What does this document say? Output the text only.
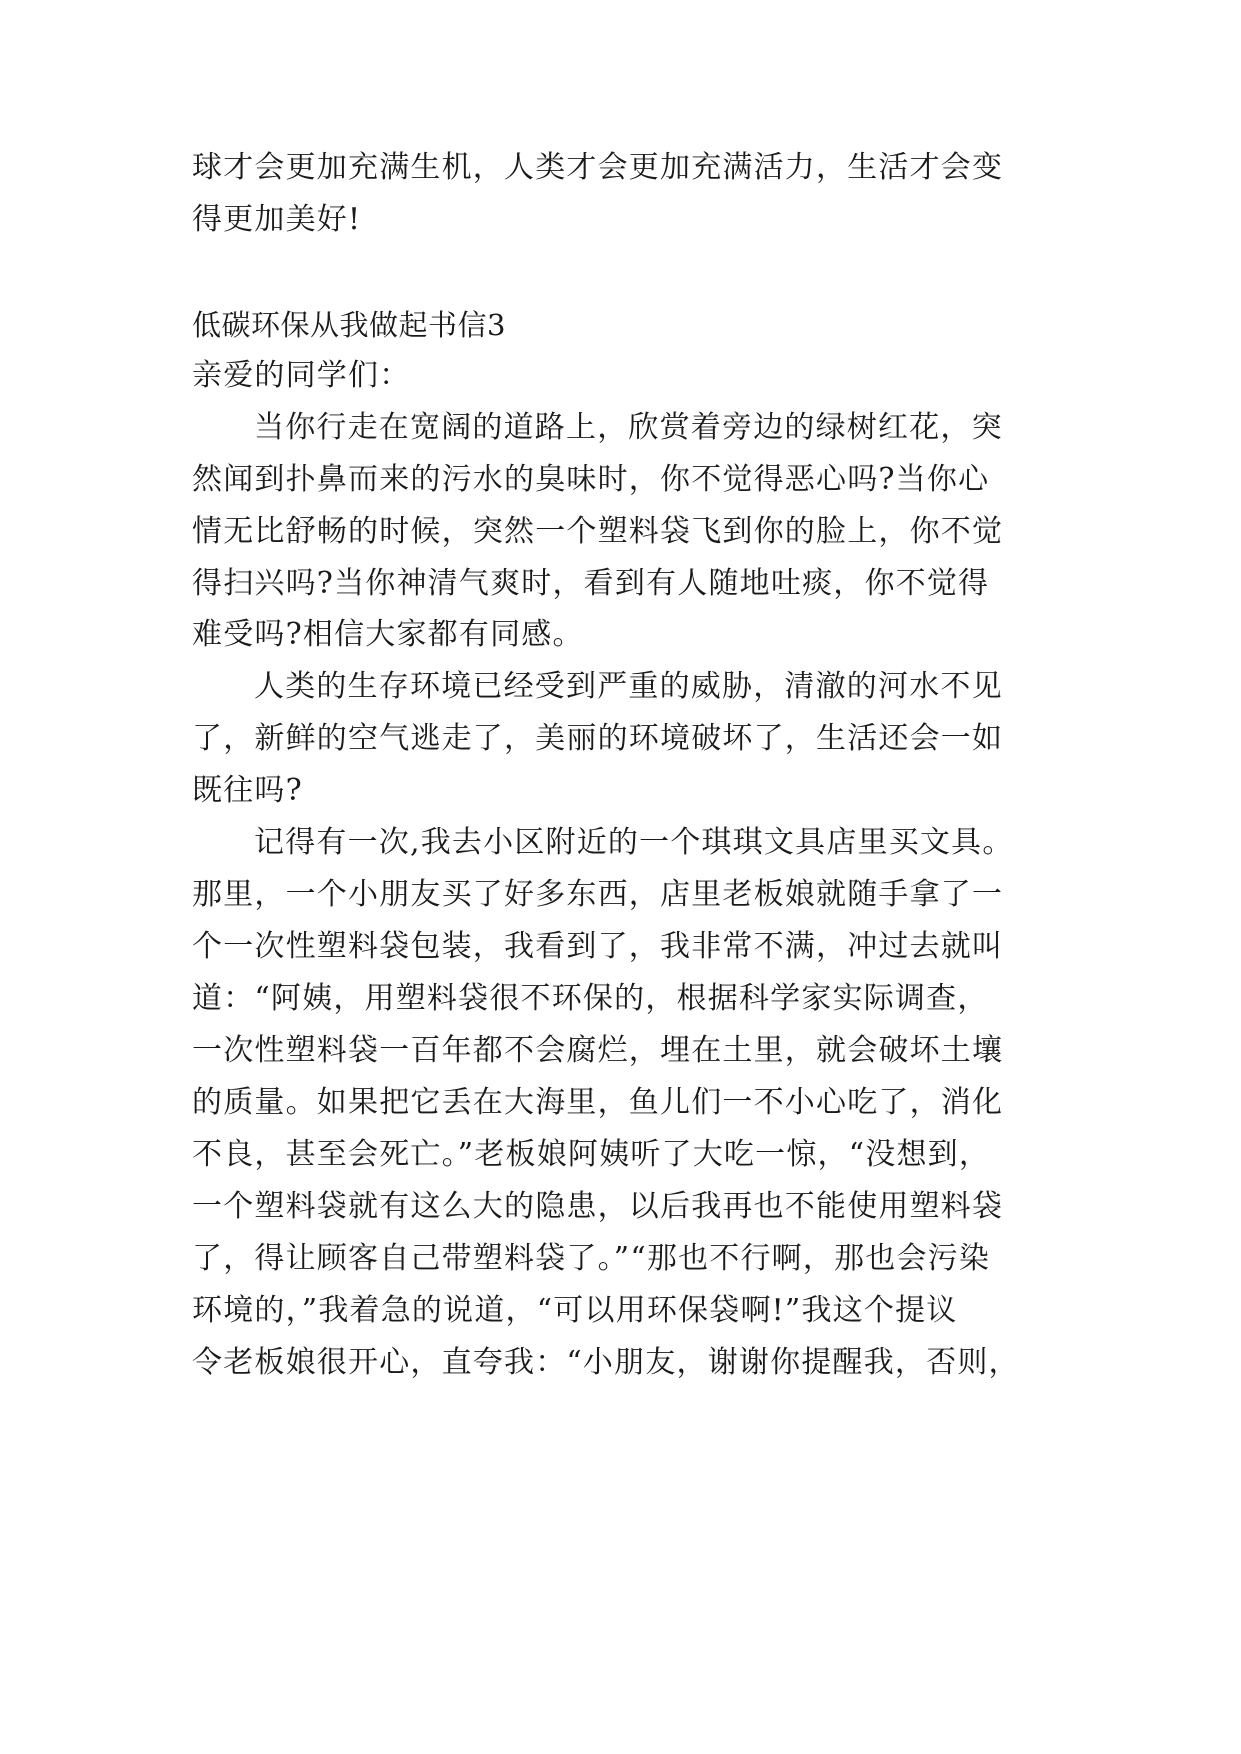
球才会更加充满生机，人类才会更加充满活力，生活才会变
得更加美好!
低碳环保从我做起书信3
亲爱的同学们：
当你行走在宽阔的道路上，欣赏着旁边的绿树红花，突
然闻到扑鼻而来的污水的臭味时，你不觉得恶心吗?当你心
情无比舒畅的时候，突然一个塑料袋飞到你的脸上，你不觉
得扫兴吗?当你神清气爽时，看到有人随地吐痰，你不觉得
难受吗?相信大家都有同感。
人类的生存环境已经受到严重的威胁，清澈的河水不见
了，新鲜的空气逃走了，美丽的环境破坏了，生活还会一如
既往吗?
记得有一次,我去小区附近的一个琪琪文具店里买文具。
那里，一个小朋友买了好多东西，店里老板娘就随手拿了一
个一次性塑料袋包装，我看到了，我非常不满，冲过去就叫
道：“阿姨，用塑料袋很不环保的，根据科学家实际调查，
一次性塑料袋一百年都不会腐烂，埋在土里，就会破坏土壤
的质量。如果把它丢在大海里，鱼儿们一不小心吃了，消化
不良，甚至会死亡。”老板娘阿姨听了大吃一惊，“没想到，
一个塑料袋就有这么大的隐患，以后我再也不能使用塑料袋
了，得让顾客自己带塑料袋了。”“那也不行啊，那也会污染
环境的，”我着急的说道，“可以用环保袋啊!”我这个提议
令老板娘很开心，直夸我：“小朋友，谢谢你提醒我，否则，
